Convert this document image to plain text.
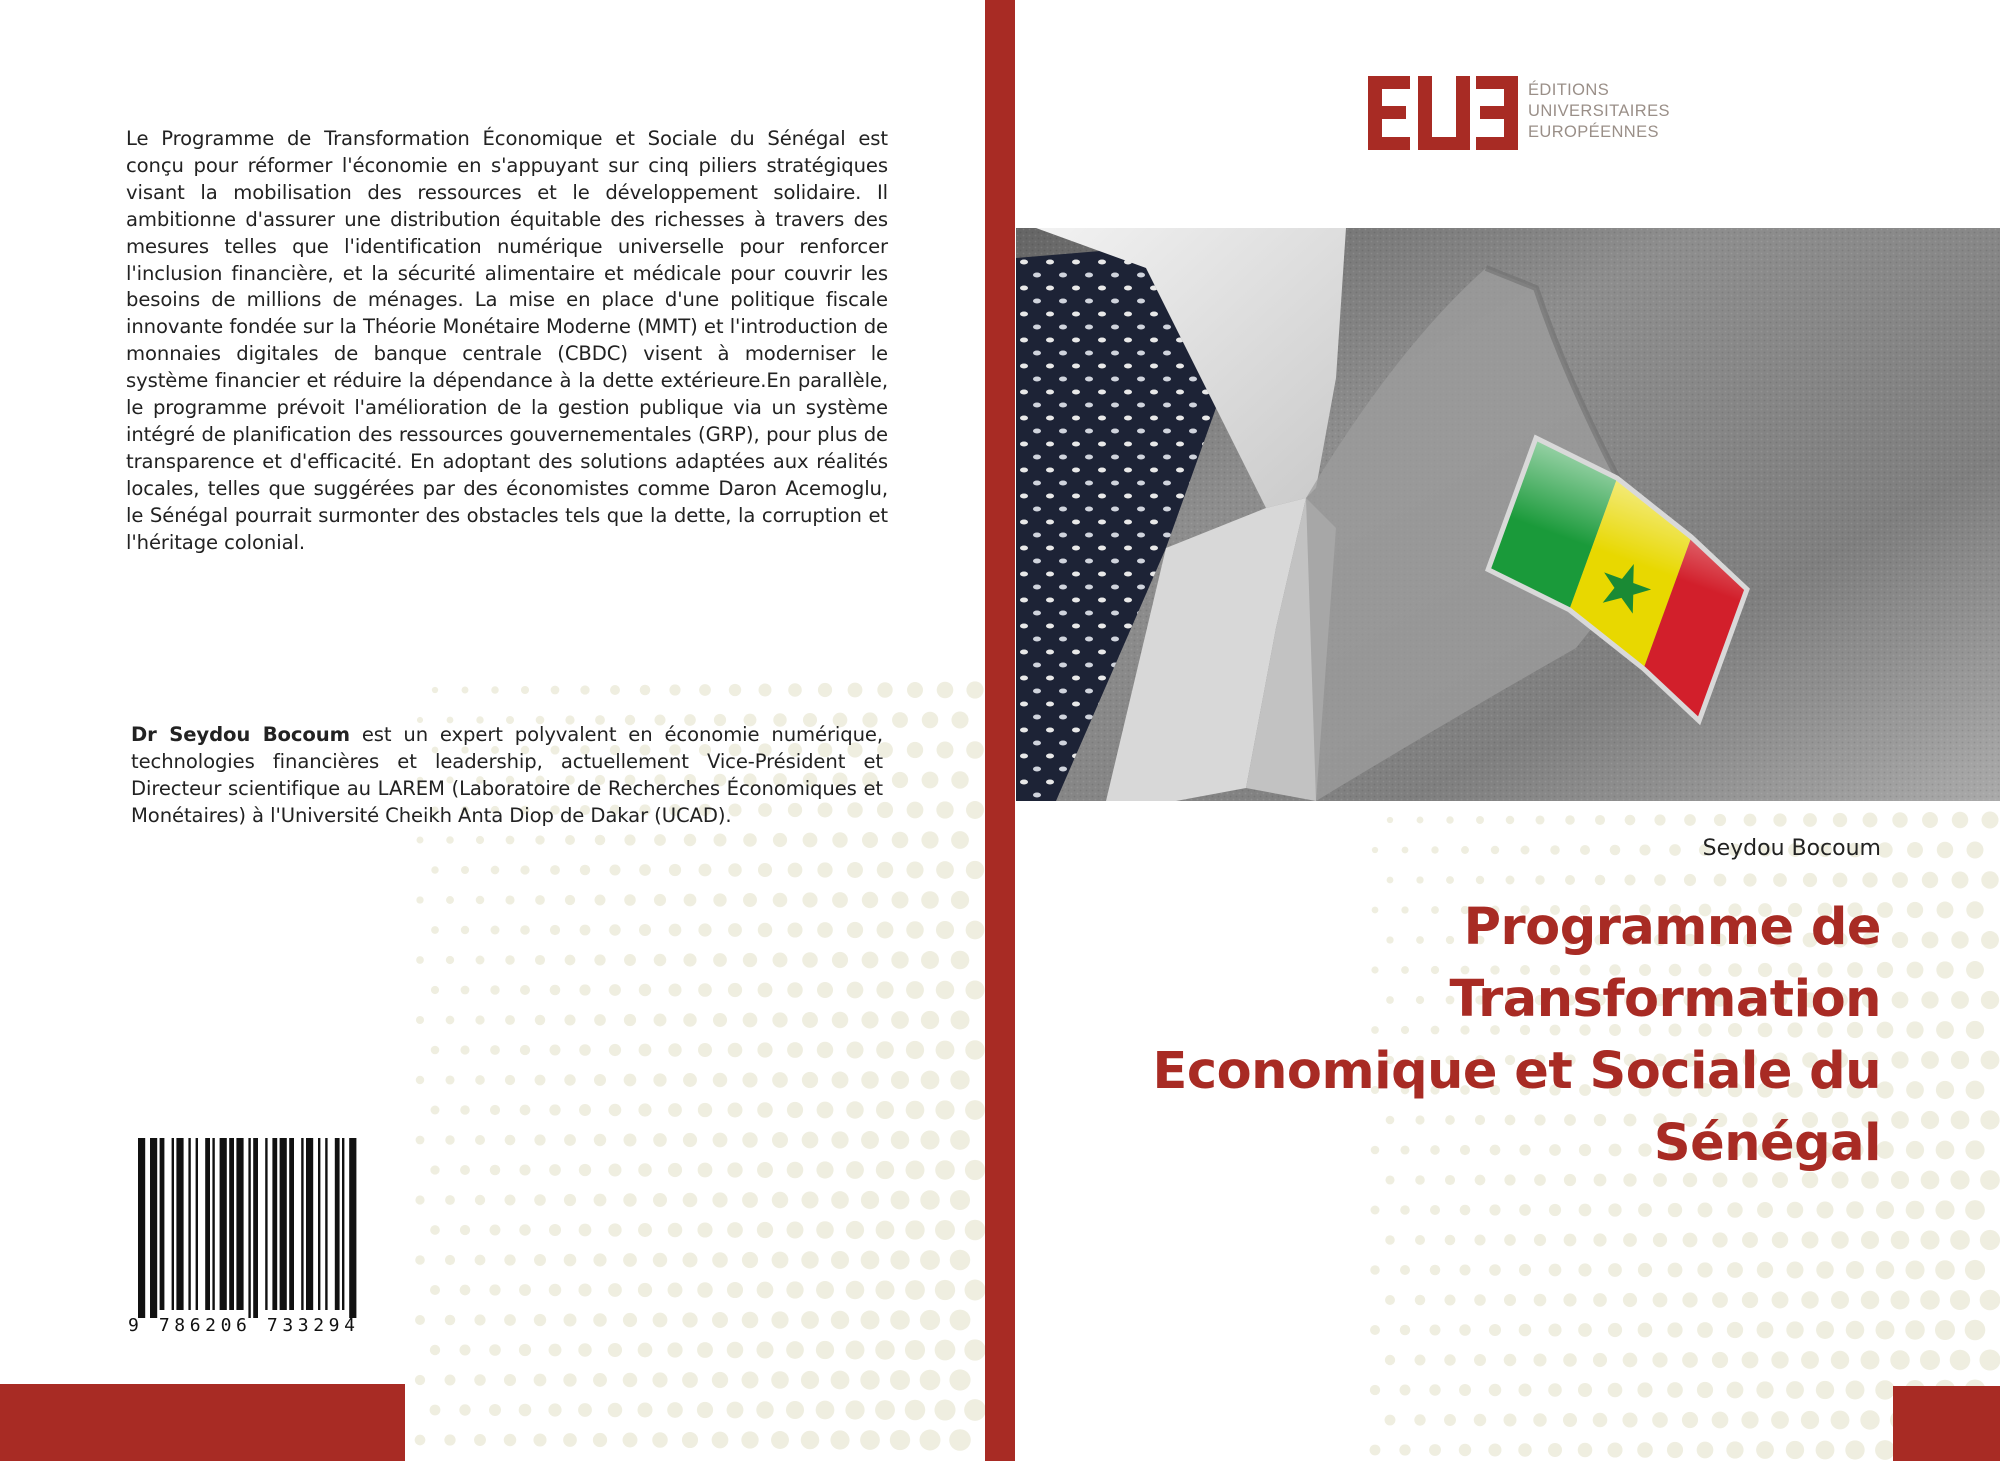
Le Programme de Transformation Économique et Sociale du Sénégal est conçu pour réformer l'économie en s'appuyant sur cinq piliers stratégiques visant la mobilisation des ressources et le développement solidaire. Il ambitionne d'assurer une distribution équitable des richesses à travers des mesures telles que l'identification numérique universelle pour renforcer l'inclusion financière, et la sécurité alimentaire et médicale pour couvrir les besoins de millions de ménages. La mise en place d'une politique fiscale innovante fondée sur la Théorie Monétaire Moderne (MMT) et l'introduction de monnaies digitales de banque centrale (CBDC) visent à moderniser le système financier et réduire la dépendance à la dette extérieure.En parallèle, le programme prévoit l'amélioration de la gestion publique via un système intégré de planification des ressources gouvernementales (GRP), pour plus de transparence et d'efficacité. En adoptant des solutions adaptées aux réalités locales, telles que suggérées par des économistes comme Daron Acemoglu, le Sénégal pourrait surmonter des obstacles tels que la dette, la corruption et l'héritage colonial.
Dr Seydou Bocoum est un expert polyvalent en économie numérique, technologies financières et leadership, actuellement Vice-Président et Directeur scientifique au LAREM (Laboratoire de Recherches Économiques et Monétaires) à l'Université Cheikh Anta Diop de Dakar (UCAD).
9 786206 733294
ÉDITIONS
UNIVERSITAIRES
EUROPÉENNES
Seydou Bocoum
Programme de
Transformation
Economique et Sociale du
Sénégal
